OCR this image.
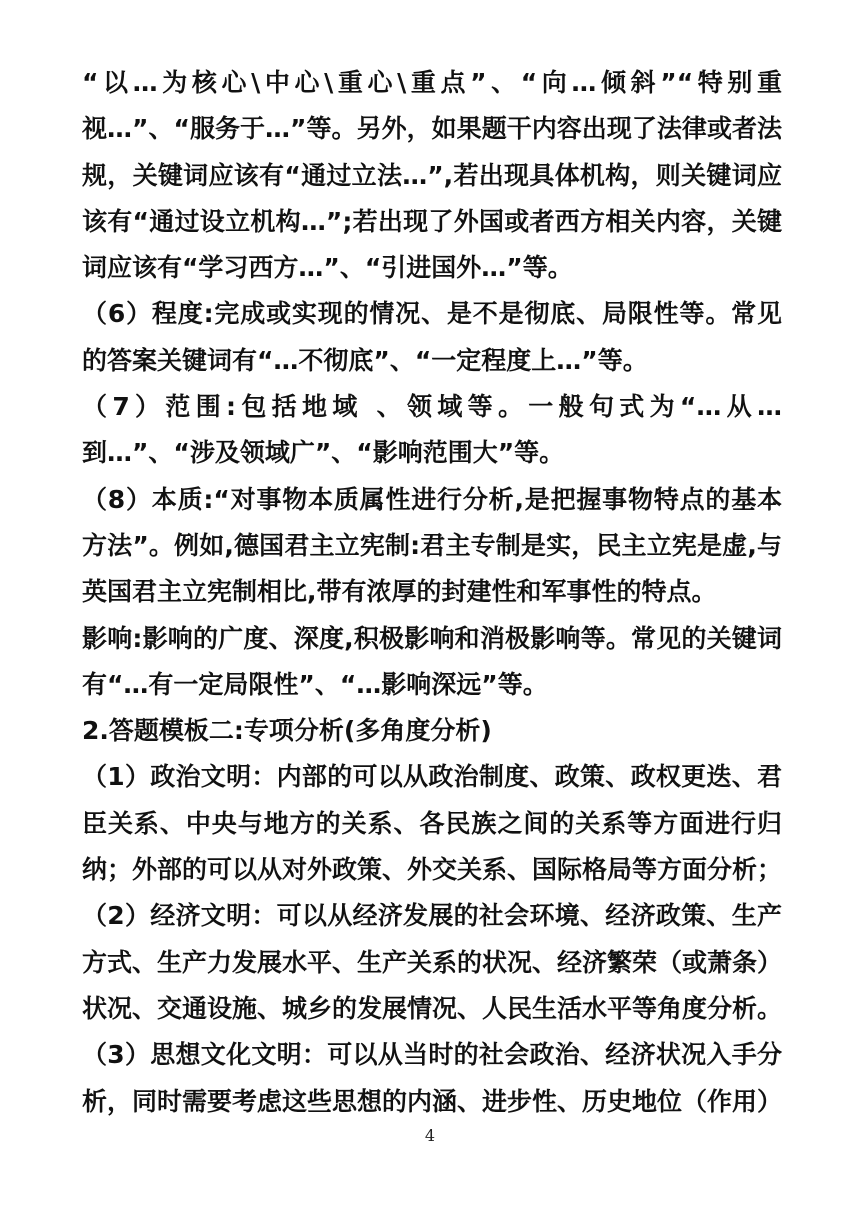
“以…为核心\中心\重心\重点”、“向…倾斜”“特别重视…”、“服务于…”等。另外，如果题干内容出现了法律或者法规，关键词应该有“通过立法…”,若出现具体机构，则关键词应该有“通过设立机构…”;若出现了外国或者西方相关内容，关键词应该有“学习西方…”、“引进国外…”等。

（6）程度:完成或实现的情况、是不是彻底、局限性等。常见的答案关键词有“…不彻底”、“一定程度上…”等。

（7）范围:包括地域 、领域等。一般句式为“…从…到…”、“涉及领域广”、“影响范围大”等。

（8）本质:“对事物本质属性进行分析,是把握事物特点的基本方法”。例如,德国君主立宪制:君主专制是实，民主立宪是虚,与英国君主立宪制相比,带有浓厚的封建性和军事性的特点。

影响:影响的广度、深度,积极影响和消极影响等。常见的关键词有“…有一定局限性”、“…影响深远”等。

2.答题模板二:专项分析(多角度分析)

（1）政治文明：内部的可以从政治制度、政策、政权更迭、君臣关系、中央与地方的关系、各民族之间的关系等方面进行归纳；外部的可以从对外政策、外交关系、国际格局等方面分析；

（2）经济文明：可以从经济发展的社会环境、经济政策、生产方式、生产力发展水平、生产关系的状况、经济繁荣（或萧条）状况、交通设施、城乡的发展情况、人民生活水平等角度分析。

（3）思想文化文明：可以从当时的社会政治、经济状况入手分析，同时需要考虑这些思想的内涵、进步性、历史地位（作用）

4
